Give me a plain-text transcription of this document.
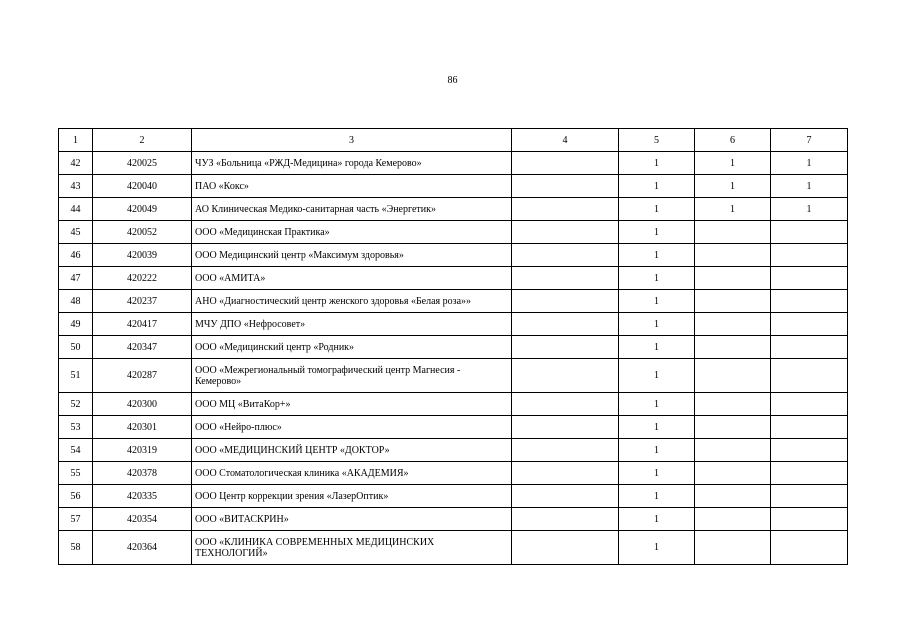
86
1	2	3	4	5	6	7
42	420025	ЧУЗ «Больница «РЖД-Медицина» города Кемерово»		1	1	1
43	420040	ПАО «Кокс»		1	1	1
44	420049	АО Клиническая Медико-санитарная часть «Энергетик»		1	1	1
45	420052	ООО «Медицинская Практика»		1		
46	420039	ООО Медицинский центр «Максимум здоровья»		1		
47	420222	ООО «АМИТА»		1		
48	420237	АНО «Диагностический центр женского здоровья «Белая роза»»		1		
49	420417	МЧУ ДПО «Нефросовет»		1		
50	420347	ООО «Медицинский центр «Родник»		1		
51	420287	ООО «Межрегиональный томографический центр Магнесия - Кемерово»		1		
52	420300	ООО МЦ «ВитаКор+»		1		
53	420301	ООО «Нейро-плюс»		1		
54	420319	ООО «МЕДИЦИНСКИЙ ЦЕНТР «ДОКТОР»		1		
55	420378	ООО Стоматологическая клиника «АКАДЕМИЯ»		1		
56	420335	ООО Центр коррекции зрения «ЛазерОптик»		1		
57	420354	ООО «ВИТАСКРИН»		1		
58	420364	ООО «КЛИНИКА СОВРЕМЕННЫХ МЕДИЦИНСКИХ ТЕХНОЛОГИЙ»		1		
